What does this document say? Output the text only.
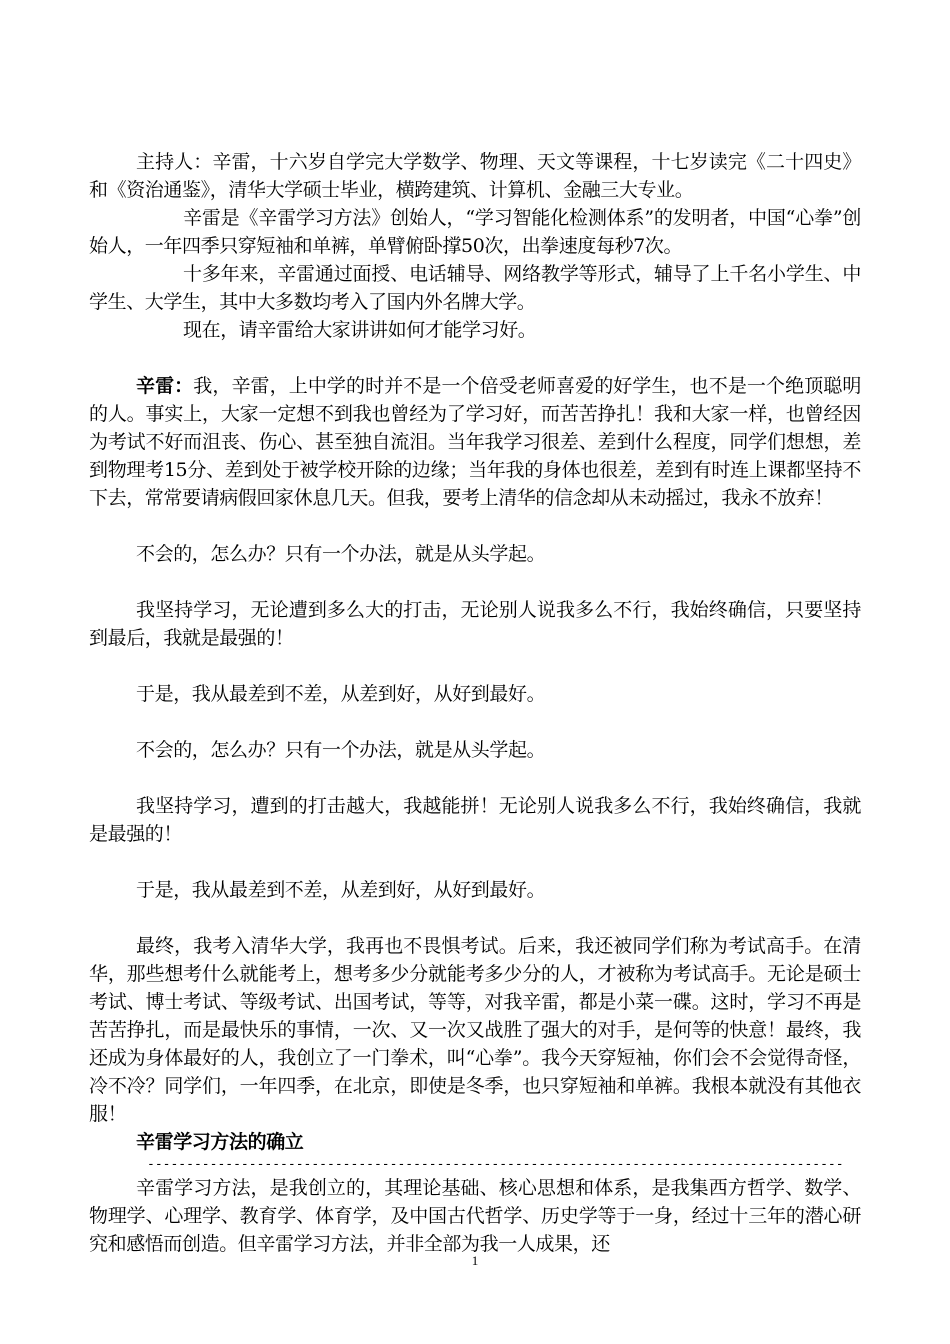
主持人：辛雷，十六岁自学完大学数学、物理、天文等课程，十七岁读完《二十四史》和《资治通鉴》，清华大学硕士毕业，横跨建筑、计算机、金融三大专业。

辛雷是《辛雷学习方法》创始人，“学习智能化检测体系”的发明者，中国“心拳”创始人，一年四季只穿短袖和单裤，单臂俯卧撑50次，出拳速度每秒7次。

十多年来，辛雷通过面授、电话辅导、网络教学等形式，辅导了上千名小学生、中学生、大学生，其中大多数均考入了国内外名牌大学。

现在，请辛雷给大家讲讲如何才能学习好。

辛雷：我，辛雷，上中学的时并不是一个倍受老师喜爱的好学生，也不是一个绝顶聪明的人。事实上，大家一定想不到我也曾经为了学习好，而苦苦挣扎！我和大家一样，也曾经因为考试不好而沮丧、伤心、甚至独自流泪。当年我学习很差、差到什么程度，同学们想想，差到物理考15分、差到处于被学校开除的边缘；当年我的身体也很差，差到有时连上课都坚持不下去，常常要请病假回家休息几天。但我，要考上清华的信念却从未动摇过，我永不放弃！

不会的，怎么办？只有一个办法，就是从头学起。

我坚持学习，无论遭到多么大的打击，无论别人说我多么不行，我始终确信，只要坚持到最后，我就是最强的！

于是，我从最差到不差，从差到好，从好到最好。

不会的，怎么办？只有一个办法，就是从头学起。

我坚持学习，遭到的打击越大，我越能拼！无论别人说我多么不行，我始终确信，我就是最强的！

于是，我从最差到不差，从差到好，从好到最好。

最终，我考入清华大学，我再也不畏惧考试。后来，我还被同学们称为考试高手。在清华，那些想考什么就能考上，想考多少分就能考多少分的人，才被称为考试高手。无论是硕士考试、博士考试、等级考试、出国考试，等等，对我辛雷，都是小菜一碟。这时，学习不再是苦苦挣扎，而是最快乐的事情，一次、又一次又战胜了强大的对手，是何等的快意！最终，我还成为身体最好的人，我创立了一门拳术，叫“心拳”。我今天穿短袖，你们会不会觉得奇怪，冷不冷？同学们，一年四季，在北京，即使是冬季，也只穿短袖和单裤。我根本就没有其他衣服！

辛雷学习方法的确立

-----------------------------------------------------------------------------------------

辛雷学习方法，是我创立的，其理论基础、核心思想和体系，是我集西方哲学、数学、物理学、心理学、教育学、体育学，及中国古代哲学、历史学等于一身，经过十三年的潜心研究和感悟而创造。但辛雷学习方法，并非全部为我一人成果，还

1
